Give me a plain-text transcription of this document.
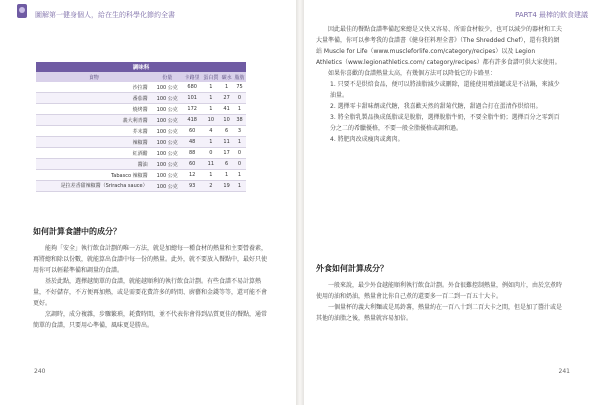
圖解第一健身個人，給在生的科學化節約全書
調味料
食物	份量	卡路里	蛋白質	碳水	脂肪
沙拉醬	100 公克	680	1	1	75
番茄醬	100 公克	101	1	27	0
燒烤醬	100 公克	172	1	41	1
義大利青醬	100 公克	418	10	10	38
芥末醬	100 公克	60	4	6	3
辣椒醬	100 公克	48	1	11	1
紅酒醋	100 公克	88	0	17	0
醬油	100 公克	60	11	6	0
Tabasco 辣椒醬	100 公克	12	1	1	1
是拉差香甜辣椒醬（Sriracha sauce）	100 公克	93	2	19	1
如何計算食譜中的成分？

能夠「安全」執行飲食計劃的唯一方法，就是加總每一種食材的熱量和主要營養素，再將總和除以份數，就能算出食譜中每一份的熱量。此外，就不要放入餐點中，最好只使用你可以輕鬆準備和調量的食譜。

基於此點，選擇越簡單的食譜，就能越順利的執行飲食計劃。有些食譜不易計算熱量，不好儲存，不方便再加熱，或是需要花費許多的時間、廚藝和金錢等等，還可能不會更好。

烹調時，成分複雜，步驟繁瑣，耗費時間，並不代表你會得到品質更佳的餐點，通常簡單的食譜，只要用心準備，風味更是勝出。

240
PART4 最棒的飲食建議

因此最佳的餐點食譜準備起來總是又快又容易、所需食材較少，也可以減少的器材和工夫大量準備，你可以參考我的食譜書《健身狂料理全書》（The Shredded Chef），還有我的網站 Muscle for Life（www.muscleforlife.com/category/recipes）以及 Legion Athletics（www.legionathletics.com/ category/recipes）都有許多食譜可供大家使用。

如果你喜歡的食譜熱量太高，有幾個方法可以降低它的卡路里：

1. 只要不是烘焙食品，便可以將油脂減少或刪除，還能使用噴油罐或是不沾鍋，來減少油量。
2. 選擇零卡甜味劑或代糖，我喜歡天然的甜菊代糖，甜過合打在蛋清作烘焙用。
3. 將全脂乳製品換成低脂或是脫脂，選擇脫脂牛奶，不要全脂牛奶；選擇百分之零到百分之二的希臘優格，不要一般全脂優格或調和過。
4. 將肥肉改成瘦肉或禽肉。
外食如何計算成分？

一般來說，最少外食越能順利執行飲食計劃。外食很難控制熱量，例如肉片，由於烹煮時使用的油和奶油，熱量會比你自己煮的還要多一百二到一百五十大卡。

一個量杯的義大利麵或是馬鈴薯，熱量約在一百八十到二百大卡之間，但是加了醬汁或是其他的油脂之後，熱量就容易加倍。

241
